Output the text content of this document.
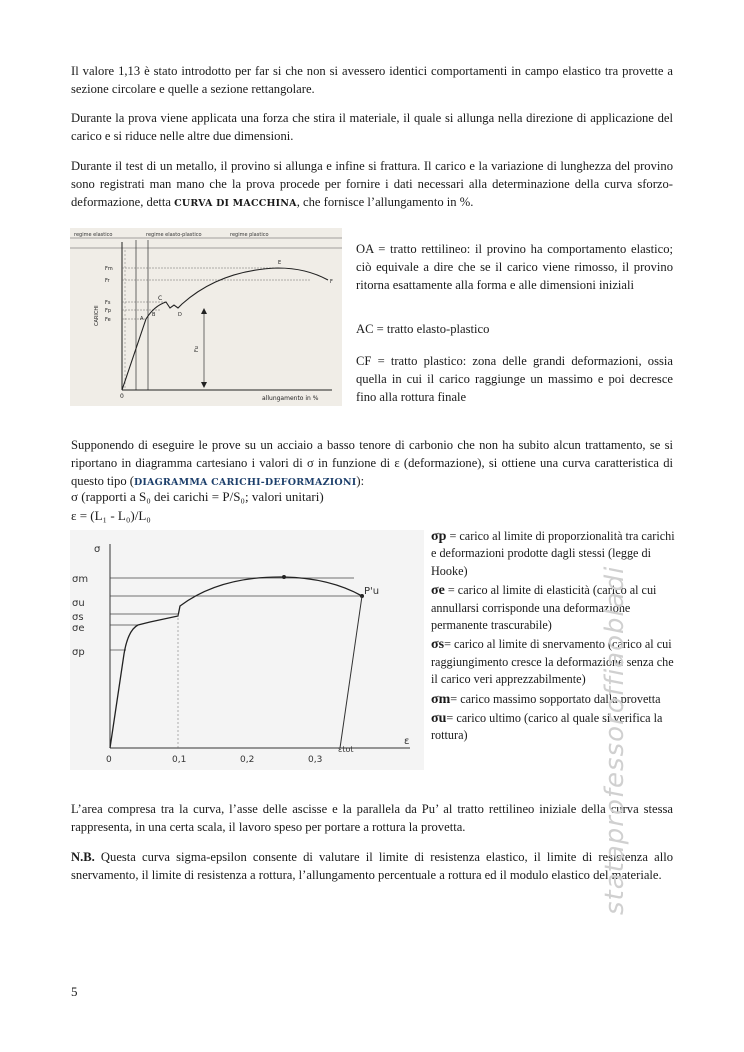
Il valore 1,13 è stato introdotto per far si che non si avessero identici comportamenti in campo elastico tra provette a sezione circolare e quelle a sezione rettangolare.

Durante la prova viene applicata una forza che stira il materiale, il quale si allunga nella direzione di applicazione del carico e si riduce nelle altre due dimensioni.

Durante il test di un metallo, il provino si allunga e infine si frattura. Il carico e la variazione di lunghezza del provino sono registrati man mano che la prova procede per fornire i dati necessari alla determinazione della curva sforzo-deformazione, detta CURVA DI MACCHINA, che fornisce l’allungamento in %.

regime elastico	regime elasto-plastico	regime plastico
0
CARICHI
allungamento in %
Fm
Fr
Fs
Fp
Fe
Fu
A
B
C
D
E
F

OA = tratto rettilineo: il provino ha comportamento elastico; ciò equivale a dire che se il carico viene rimosso, il provino ritorna esattamente alla forma e alle dimensioni iniziali

AC = tratto elasto-plastico

CF = tratto plastico: zona delle grandi deformazioni, ossia quella in cui il carico raggiunge un massimo e poi decresce fino alla rottura finale

Supponendo di eseguire le prove su un acciaio a basso tenore di carbonio che non ha subito alcun trattamento, se si riportano in diagramma cartesiano i valori di σ in funzione di ε (deformazione), si ottiene una curva caratteristica di questo tipo (DIAGRAMMA CARICHI-DEFORMAZIONI):

σ (rapporti a S₀ dei carichi = P/S₀; valori unitari)

ε = (L₁ - L₀)/L₀

σ
ε
σm
σu
σs
σe
σp
P'u
0	0,1	0,2	0,3
εtot

σp = carico al limite di proporzionalità tra carichi e deformazioni prodotte dagli stessi (legge di Hooke)

σe = carico al limite di elasticità (carico al cui annullarsi corrisponde una deformazione permanente trascurabile)

σs= carico al limite di snervamento (carico al cui raggiungimento cresce la deformazione senza che il carico veri apprezzabilmente)

σm= carico massimo sopportato dalla provetta

σu= carico ultimo (carico al quale si verifica la rottura)

L’area compresa tra la curva, l’asse delle ascisse e la parallela da Pu’ al tratto rettilineo iniziale della curva stessa rappresenta, in una certa scala, il lavoro speso per portare a rottura la provetta.

N.B. Questa curva sigma-epsilon consente di valutare il limite di resistenza elastico, il limite di resistenza allo snervamento, il limite di resistenza a rottura, l’allungamento percentuale a rottura ed il modulo elastico del materiale.

stataprofessoroffiaobladi
5
